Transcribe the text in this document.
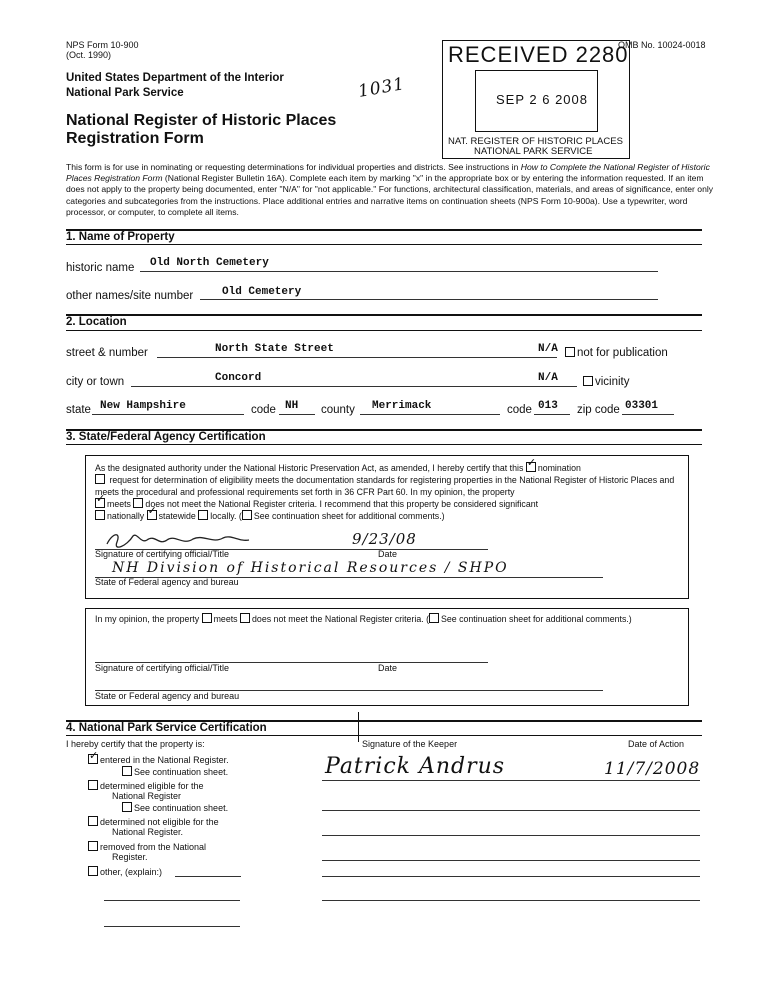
NPS Form 10-900
(Oct. 1990)
OMB No. 10024-0018
United States Department of the Interior
National Park Service
National Register of Historic Places
Registration Form
1031
RECEIVED 2280
SEP 2 6 2008
NAT. REGISTER OF HISTORIC PLACES
NATIONAL PARK SERVICE
This form is for use in nominating or requesting determinations for individual properties and districts. See instructions in How to Complete the National Register of Historic Places Registration Form (National Register Bulletin 16A). Complete each item by marking "x" in the appropriate box or by entering the information requested. If an item does not apply to the property being documented, enter "N/A" for "not applicable." For functions, architectural classification, materials, and areas of significance, enter only categories and subcategories from the instructions. Place additional entries and narrative items on continuation sheets (NPS Form 10-900a). Use a typewriter, word processor, or computer, to complete all items.
1. Name of Property
historic name Old North Cemetery
other names/site number	Old Cemetery
2. Location
street & number	North State Street	N/A	not for publication
city or town	Concord	N/A	vicinity
state New Hampshire	code NH county Merrimack	code 013 zip code 03301
3. State/Federal Agency Certification
As the designated authority under the National Historic Preservation Act, as amended, I hereby certify that this ✓ nomination
request for determination of eligibility meets the documentation standards for registering properties in the National Register of Historic Places and meets the procedural and professional requirements set forth in 36 CFR Part 60. In my opinion, the property
✓meets does not meet the National Register criteria. I recommend that this property be considered significant
nationally ✓ statewide locally. ( See continuation sheet for additional comments.)
9/23/08
Signature of certifying official/Title	Date
NH Division of Historical Resources / SHPO
State of Federal agency and bureau
In my opinion, the property meets does not meet the National Register criteria. ( See continuation sheet for additional comments.)
Signature of certifying official/Title	Date
State or Federal agency and bureau
4. National Park Service Certification
I hereby certify that the property is:	Signature of the Keeper	Date of Action
Patrick Andrus	11/7/2008
✓entered in the National Register.
See continuation sheet.
determined eligible for the
National Register
See continuation sheet.
determined not eligible for the
National Register.
removed from the National
Register.
other, (explain:)
